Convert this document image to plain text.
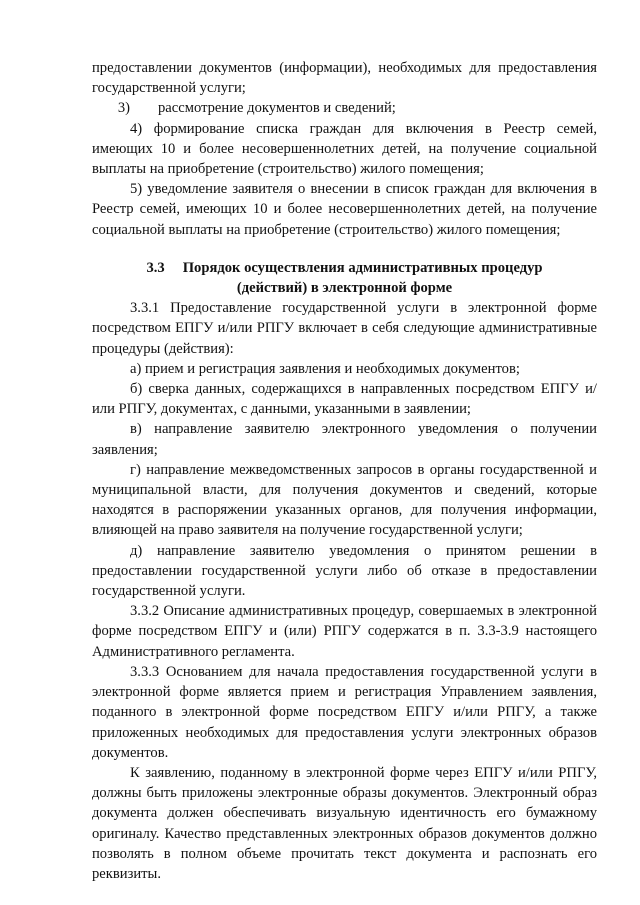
предоставлении документов (информации), необходимых для предоставления государственной услуги;

3)	рассмотрение документов и сведений;

4) формирование списка граждан для включения в Реестр семей, имеющих 10 и более несовершеннолетних детей, на получение социальной выплаты на приобретение (строительство) жилого помещения;

5) уведомление заявителя о внесении в список граждан для включения в Реестр семей, имеющих 10 и более несовершеннолетних детей, на получение социальной выплаты на приобретение (строительство) жилого помещения;

3.3 Порядок осуществления административных процедур
(действий) в электронной форме

3.3.1 Предоставление государственной услуги в электронной форме посредством ЕПГУ и/или РПГУ включает в себя следующие административные процедуры (действия):

а) прием и регистрация заявления и необходимых документов;

б) сверка данных, содержащихся в направленных посредством ЕПГУ и/или РПГУ, документах, с данными, указанными в заявлении;

в) направление заявителю электронного уведомления о получении заявления;

г) направление межведомственных запросов в органы государственной и муниципальной власти, для получения документов и сведений, которые находятся в распоряжении указанных органов, для получения информации, влияющей на право заявителя на получение государственной услуги;

д) направление заявителю уведомления о принятом решении в предоставлении государственной услуги либо об отказе в предоставлении государственной услуги.

3.3.2 Описание административных процедур, совершаемых в электронной форме посредством ЕПГУ и (или) РПГУ содержатся в п. 3.3-3.9 настоящего Административного регламента.

3.3.3 Основанием для начала предоставления государственной услуги в электронной форме является прием и регистрация Управлением заявления, поданного в электронной форме посредством ЕПГУ и/или РПГУ, а также приложенных необходимых для предоставления услуги электронных образов документов.

К заявлению, поданному в электронной форме через ЕПГУ и/или РПГУ, должны быть приложены электронные образы документов. Электронный образ документа должен обеспечивать визуальную идентичность его бумажному оригиналу. Качество представленных электронных образов документов должно позволять в полном объеме прочитать текст документа и распознать его реквизиты.
